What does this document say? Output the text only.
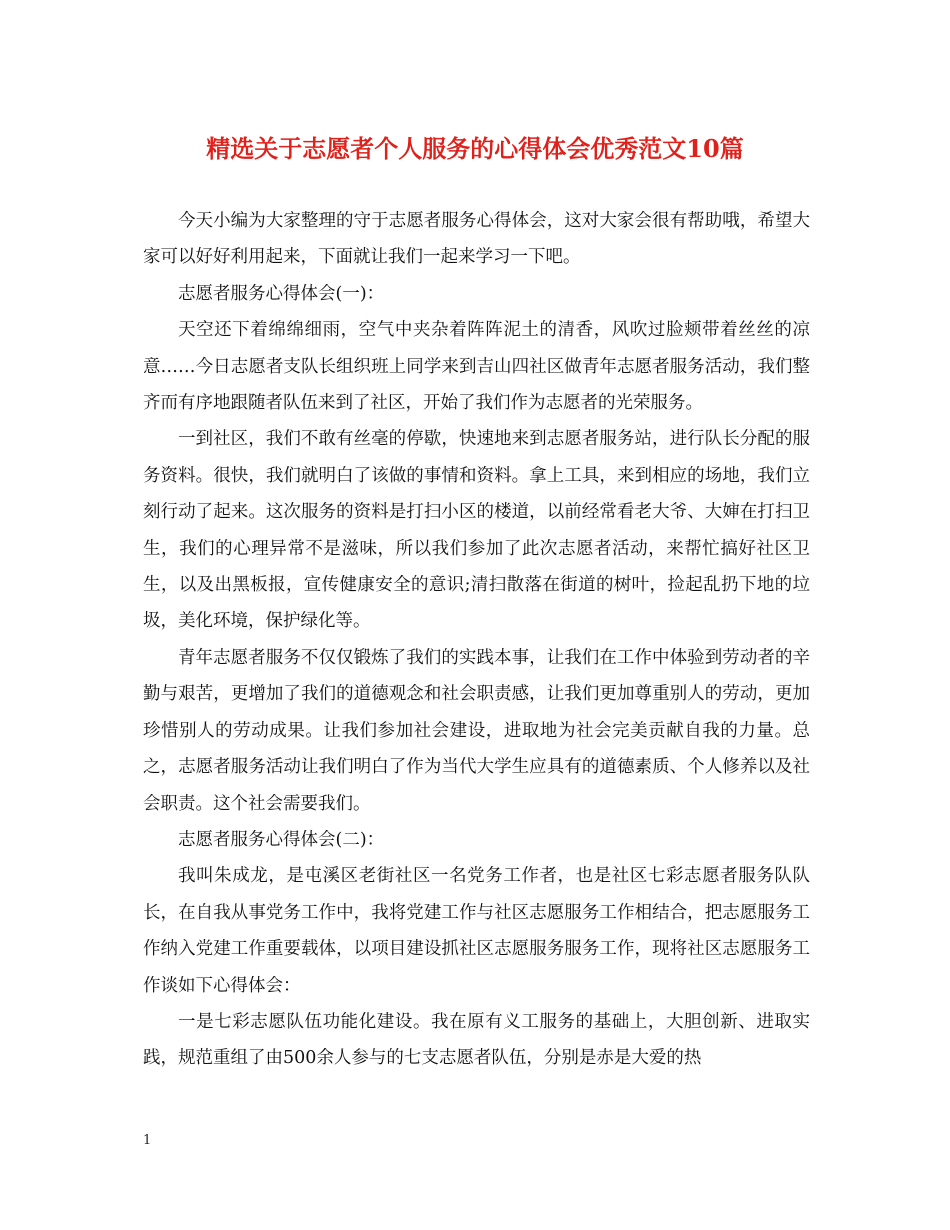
精选关于志愿者个人服务的心得体会优秀范文10篇

今天小编为大家整理的守于志愿者服务心得体会，这对大家会很有帮助哦，希望大家可以好好利用起来，下面就让我们一起来学习一下吧。

志愿者服务心得体会(一)：

天空还下着绵绵细雨，空气中夹杂着阵阵泥土的清香，风吹过脸颊带着丝丝的凉意……今日志愿者支队长组织班上同学来到吉山四社区做青年志愿者服务活动，我们整齐而有序地跟随者队伍来到了社区，开始了我们作为志愿者的光荣服务。

一到社区，我们不敢有丝毫的停歇，快速地来到志愿者服务站，进行队长分配的服务资料。很快，我们就明白了该做的事情和资料。拿上工具，来到相应的场地，我们立刻行动了起来。这次服务的资料是打扫小区的楼道，以前经常看老大爷、大婶在打扫卫生，我们的心理异常不是滋味，所以我们参加了此次志愿者活动，来帮忙搞好社区卫生，以及出黑板报，宣传健康安全的意识;清扫散落在街道的树叶，捡起乱扔下地的垃圾，美化环境，保护绿化等。

青年志愿者服务不仅仅锻炼了我们的实践本事，让我们在工作中体验到劳动者的辛勤与艰苦，更增加了我们的道德观念和社会职责感，让我们更加尊重别人的劳动，更加珍惜别人的劳动成果。让我们参加社会建设，进取地为社会完美贡献自我的力量。总之，志愿者服务活动让我们明白了作为当代大学生应具有的道德素质、个人修养以及社会职责。这个社会需要我们。

志愿者服务心得体会(二)：

我叫朱成龙，是屯溪区老街社区一名党务工作者，也是社区七彩志愿者服务队队长，在自我从事党务工作中，我将党建工作与社区志愿服务工作相结合，把志愿服务工作纳入党建工作重要载体，以项目建设抓社区志愿服务服务工作，现将社区志愿服务工作谈如下心得体会：

一是七彩志愿队伍功能化建设。我在原有义工服务的基础上，大胆创新、进取实践，规范重组了由500余人参与的七支志愿者队伍，分别是赤是大爱的热

1
